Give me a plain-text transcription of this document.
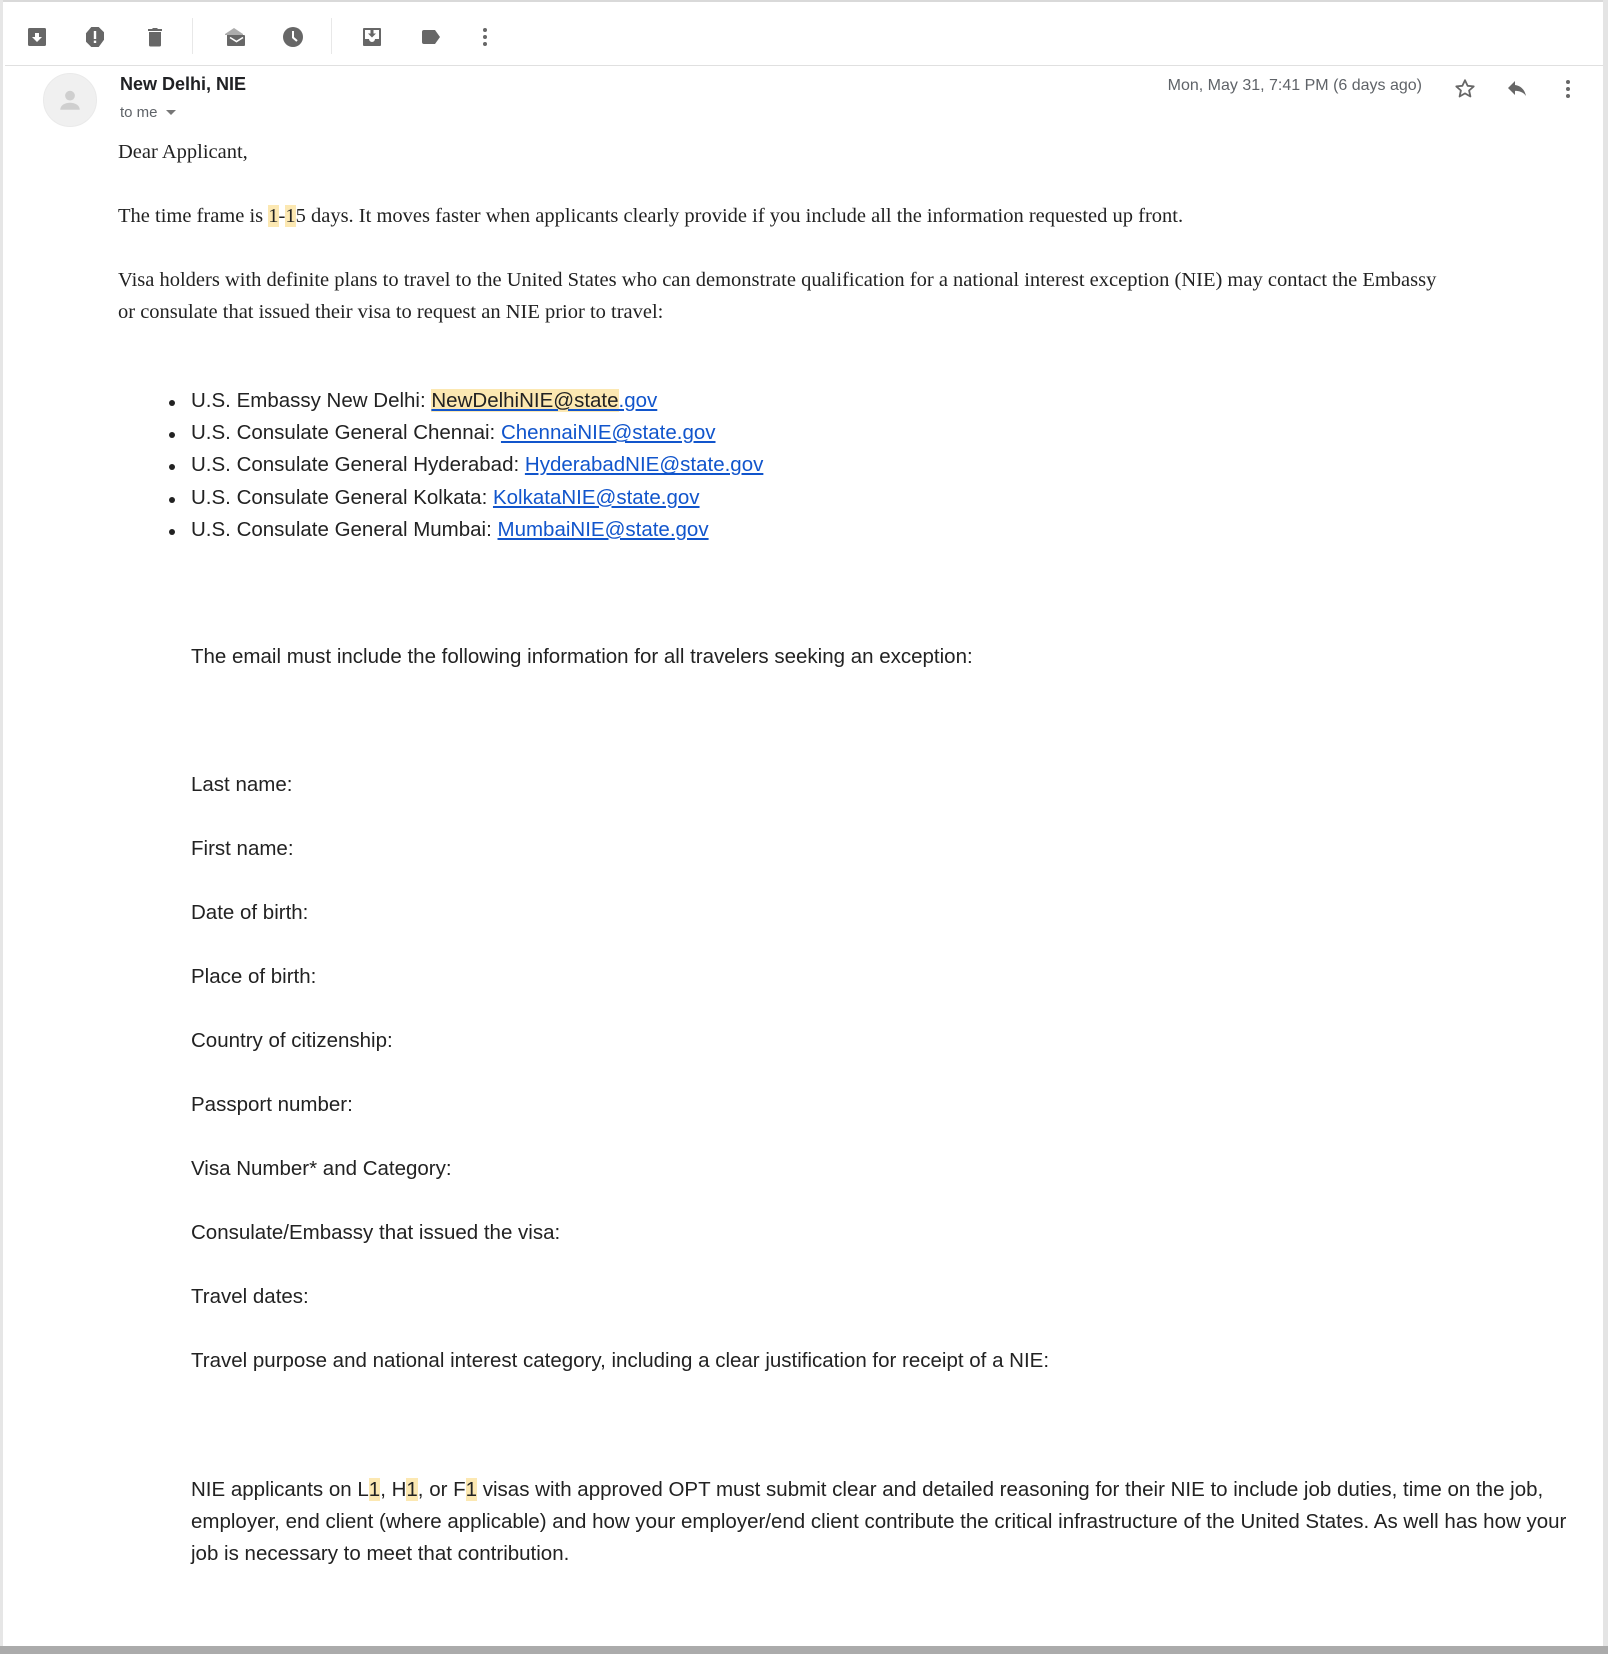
New Delhi, NIE
to me
Mon, May 31, 7:41 PM (6 days ago)
Dear Applicant,
The time frame is 1-15 days. It moves faster when applicants clearly provide if you include all the information requested up front.
Visa holders with definite plans to travel to the United States who can demonstrate qualification for a national interest exception (NIE) may contact the Embassy
or consulate that issued their visa to request an NIE prior to travel:
U.S. Embassy New Delhi: NewDelhiNIE@state.gov
U.S. Consulate General Chennai: ChennaiNIE@state.gov
U.S. Consulate General Hyderabad: HyderabadNIE@state.gov
U.S. Consulate General Kolkata: KolkataNIE@state.gov
U.S. Consulate General Mumbai: MumbaiNIE@state.gov
The email must include the following information for all travelers seeking an exception:
Last name:
First name:
Date of birth:
Place of birth:
Country of citizenship:
Passport number:
Visa Number* and Category:
Consulate/Embassy that issued the visa:
Travel dates:
Travel purpose and national interest category, including a clear justification for receipt of a NIE:
NIE applicants on L1, H1, or F1 visas with approved OPT must submit clear and detailed reasoning for their NIE to include job duties, time on the job, employer, end client (where applicable) and how your employer/end client contribute the critical infrastructure of the United States. As well has how your job is necessary to meet that contribution.
